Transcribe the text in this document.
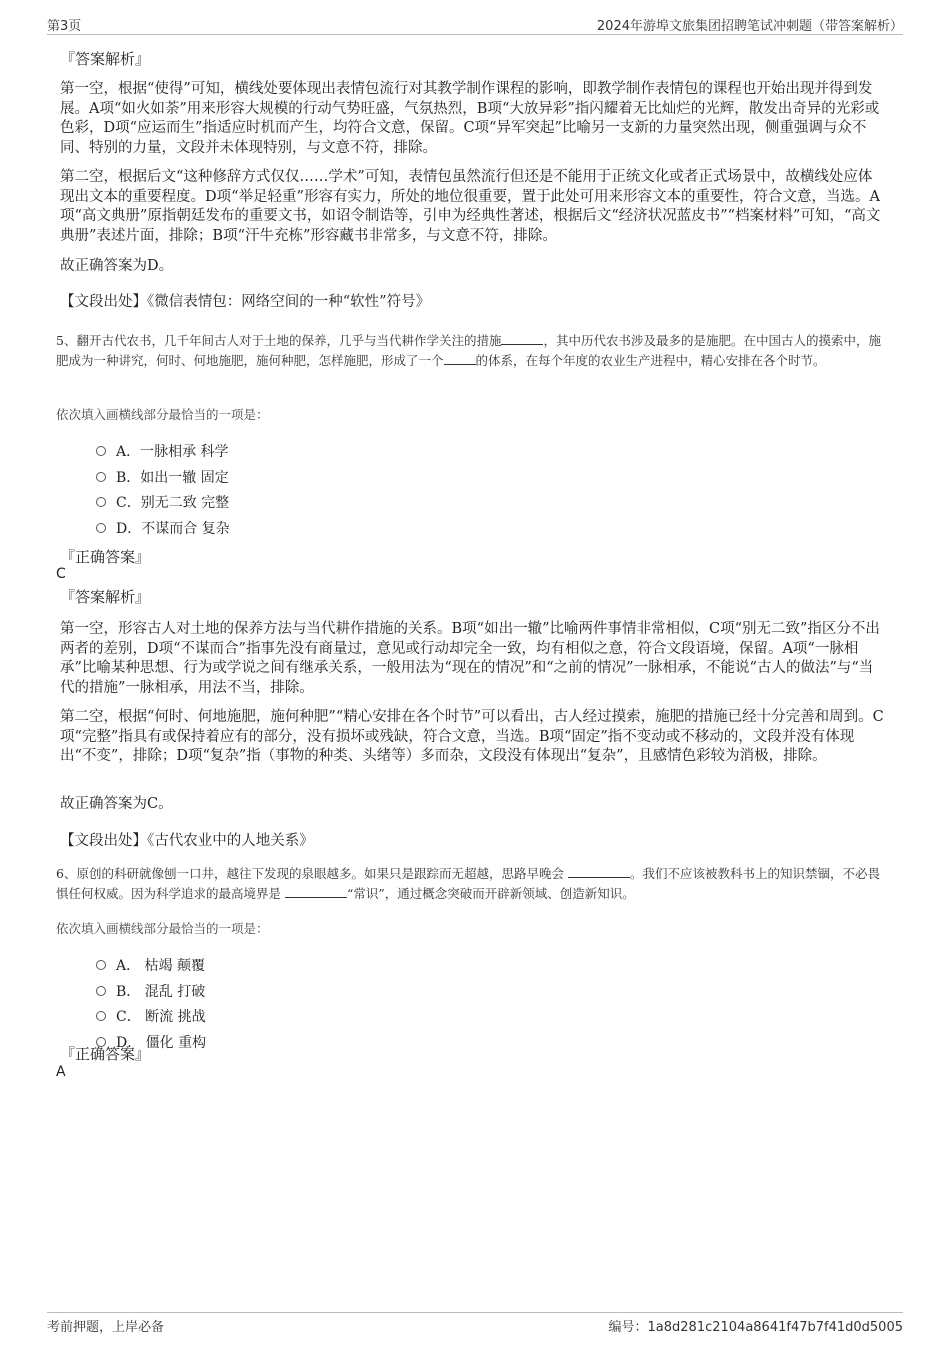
第3页	2024年游埠文旅集团招聘笔试冲刺题（带答案解析）
『答案解析』
第一空，根据“使得”可知，横线处要体现出表情包流行对其教学制作课程的影响，即教学制作表情包的课程也开始出现并得到发展。A项“如火如荼”用来形容大规模的行动气势旺盛，气氛热烈，B项“大放异彩”指闪耀着无比灿烂的光辉，散发出奇异的光彩或色彩，D项“应运而生”指适应时机而产生，均符合文意，保留。C项“异军突起”比喻另一支新的力量突然出现，侧重强调与众不同、特别的力量，文段并未体现特别，与文意不符，排除。
第二空，根据后文“这种修辞方式仅仅……学术”可知，表情包虽然流行但还是不能用于正统文化或者正式场景中，故横线处应体现出文本的重要程度。D项“举足轻重”形容有实力，所处的地位很重要，置于此处可用来形容文本的重要性，符合文意，当选。A项“高文典册”原指朝廷发布的重要文书，如诏令制诰等，引申为经典性著述，根据后文“经济状况蓝皮书”“档案材料”可知，“高文典册”表述片面，排除；B项“汗牛充栋”形容藏书非常多，与文意不符，排除。
故正确答案为D。
【文段出处】《微信表情包：网络空间的一种“软性”符号》
5、翻开古代农书，几千年间古人对于土地的保养，几乎与当代耕作学关注的措施	，其中历代农书涉及最多的是施肥。在中国古人的摸索中，施肥成为一种讲究，何时、何地施肥，施何种肥，怎样施肥，形成了一个	的体系，在每个年度的农业生产进程中，精心安排在各个时节。
依次填入画横线部分最恰当的一项是：
A．一脉相承 科学
B．如出一辙 固定
C．别无二致 完整
D．不谋而合 复杂
『正确答案』
C
『答案解析』
第一空，形容古人对土地的保养方法与当代耕作措施的关系。B项“如出一辙”比喻两件事情非常相似，C项“别无二致”指区分不出两者的差别，D项“不谋而合”指事先没有商量过，意见或行动却完全一致，均有相似之意，符合文段语境，保留。A项“一脉相承”比喻某种思想、行为或学说之间有继承关系，一般用法为“现在的情况”和“之前的情况”一脉相承，不能说“古人的做法”与“当代的措施”一脉相承，用法不当，排除。
第二空，根据“何时、何地施肥，施何种肥”“精心安排在各个时节”可以看出，古人经过摸索，施肥的措施已经十分完善和周到。C项“完整”指具有或保持着应有的部分，没有损坏或残缺，符合文意，当选。B项“固定”指不变动或不移动的，文段并没有体现出“不变”，排除；D项“复杂”指（事物的种类、头绪等）多而杂，文段没有体现出“复杂”，且感情色彩较为消极，排除。
故正确答案为C。
【文段出处】《古代农业中的人地关系》
6、原创的科研就像刨一口井，越往下发现的泉眼越多。如果只是跟踪而无超越，思路早晚会	。我们不应该被教科书上的知识禁锢，不必畏惧任何权威。因为科学追求的最高境界是	“常识”，通过概念突破而开辟新领域、创造新知识。
依次填入画横线部分最恰当的一项是：
A． 枯竭 颠覆
B． 混乱 打破
C． 断流 挑战
D． 僵化 重构
『正确答案』
A
考前押题，上岸必备	编号：1a8d281c2104a8641f47b7f41d0d5005
